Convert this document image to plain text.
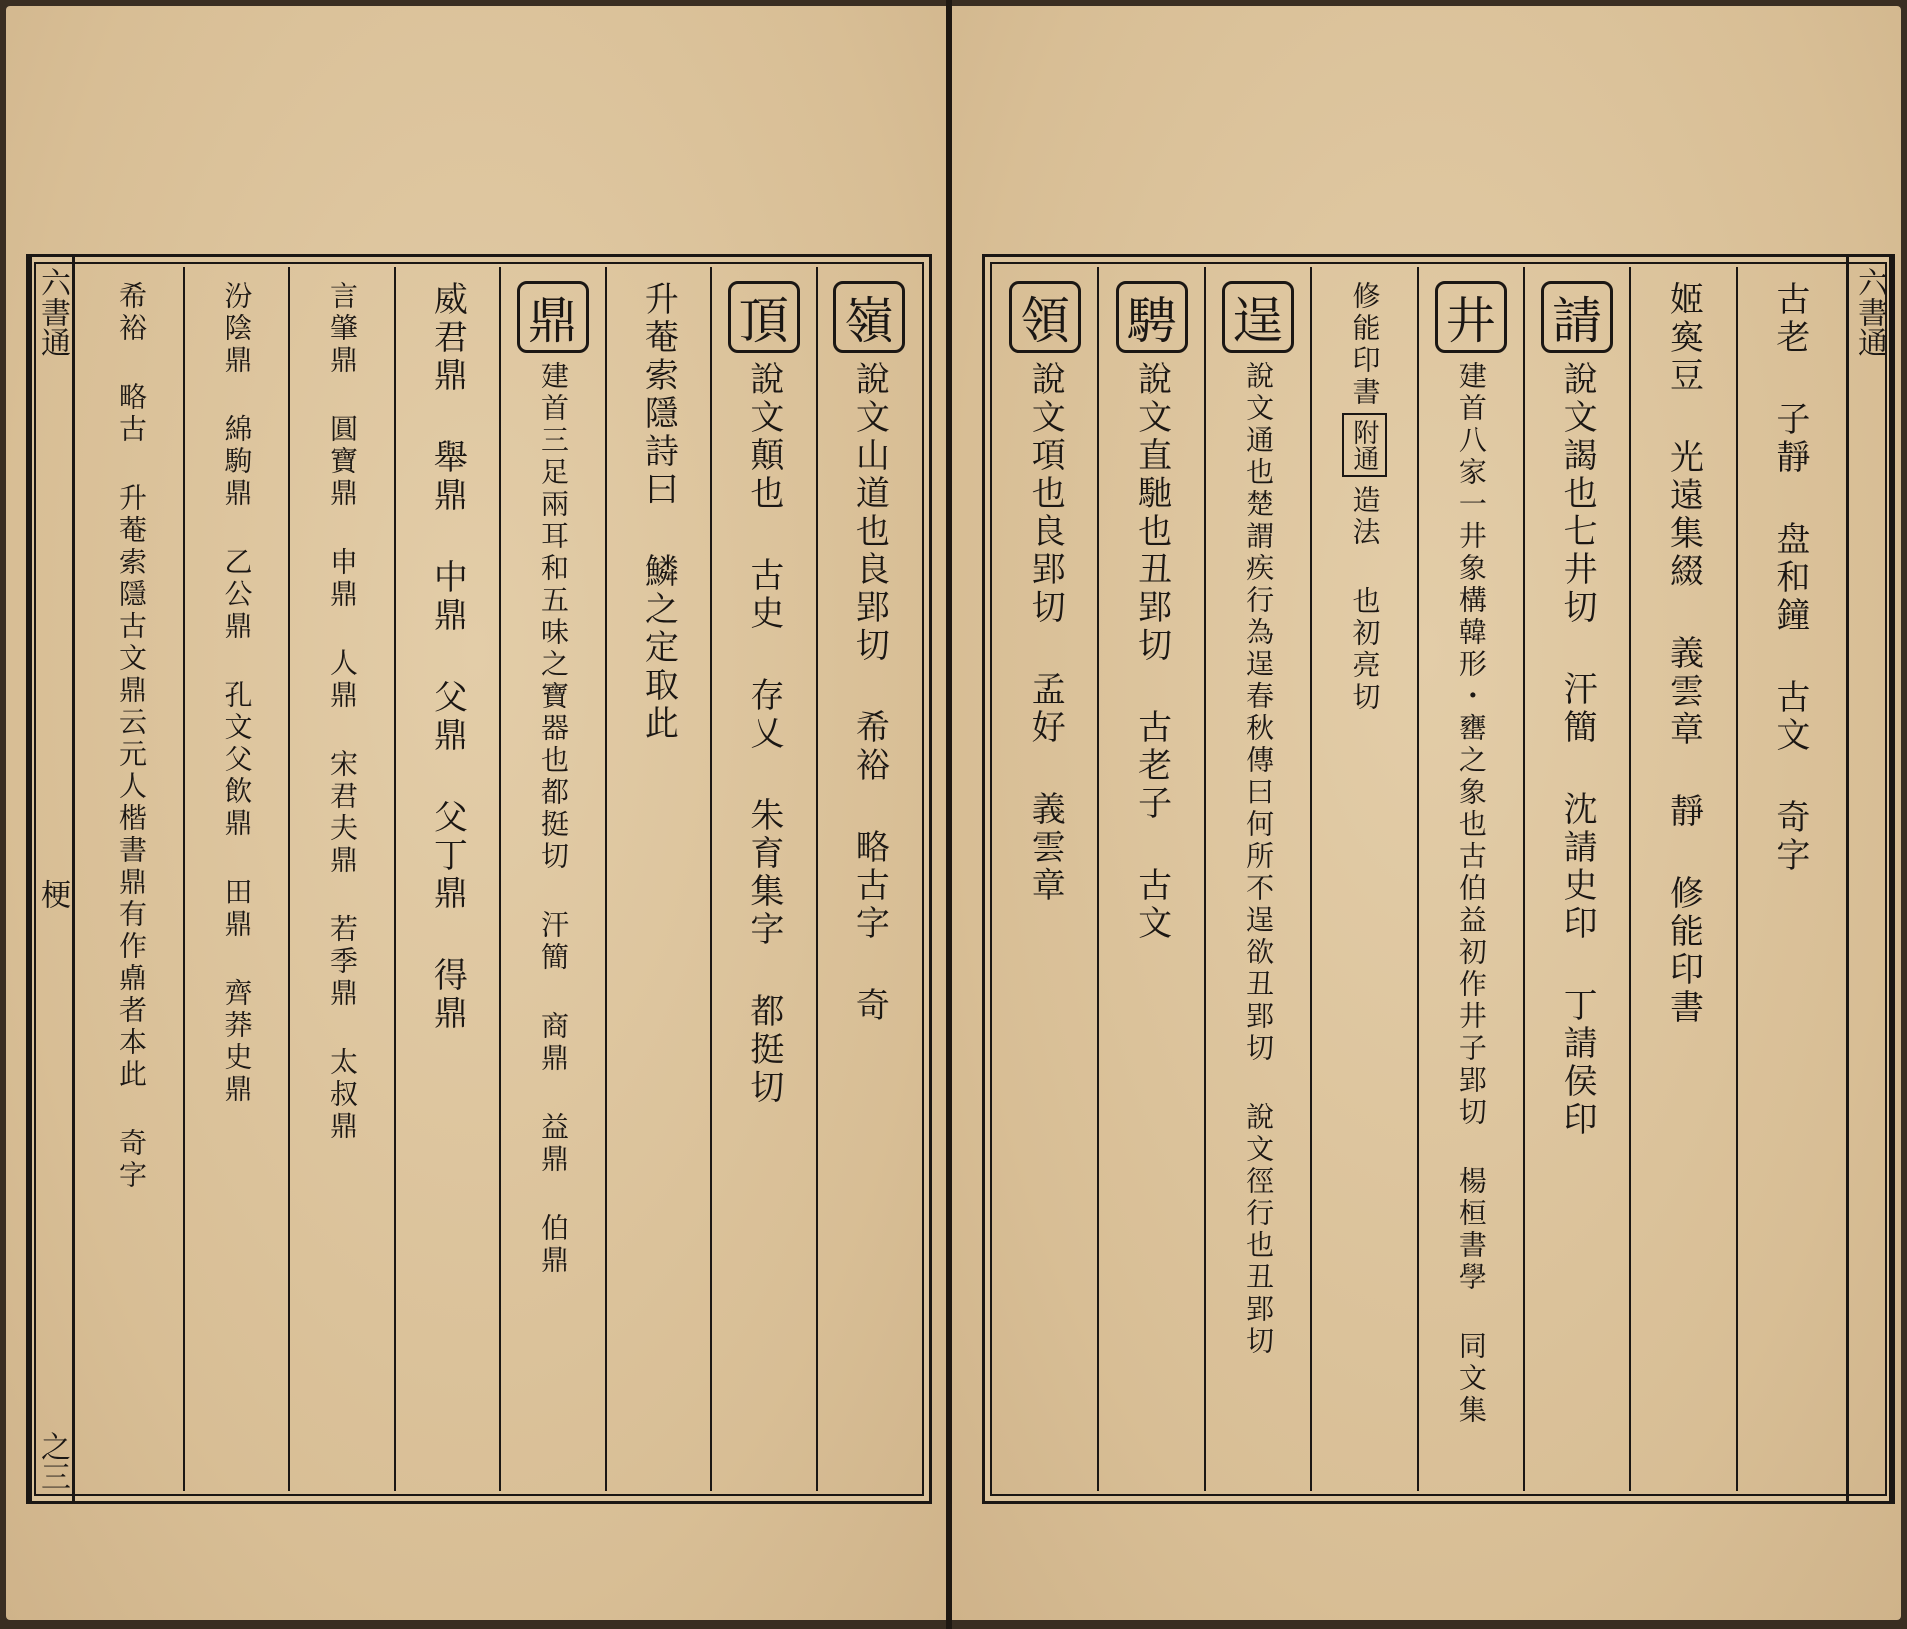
六書通
梗
之三
嶺
說文山道也良郢切 希裕 略古字 奇
頂
說文顛也 古史 存乂 朱育集字 都挺切
升菴索隱詩曰 鱗之定取此
鼎
建首三足兩耳和五味之寶器也都挺切 汗簡 商鼎 益鼎 伯鼎
威君鼎 舉鼎 中鼎 父鼎 父丁鼎 得鼎
言肇鼎 圓寶鼎 申鼎 人鼎 宋君夫鼎 若季鼎 太叔鼎
汾陰鼎 綿駒鼎 乙公鼎 孔文父飲鼎 田鼎 齊莽史鼎
希裕 略古 升菴索隱古文鼎云元人楷書鼎有作鼑者本此 奇字	六書通
古老 子靜 盘和鐘 古文 奇字
姬寏豆 光遠集綴 義雲章 靜 修能印書
請
說文謁也七井切 汗簡 沈請史印 丁請侯印
井
建首八家一井象構韓形・罋之象也古伯益初作井子郢切 楊桓書學 同文集
修能印書
附通
造法 也初亮切
逞
說文通也楚謂疾行為逞春秋傳曰何所不逞欲丑郢切 說文徑行也丑郢切
騁
說文直馳也丑郢切 古老子 古文
領
說文項也良郢切 孟好 義雲章
